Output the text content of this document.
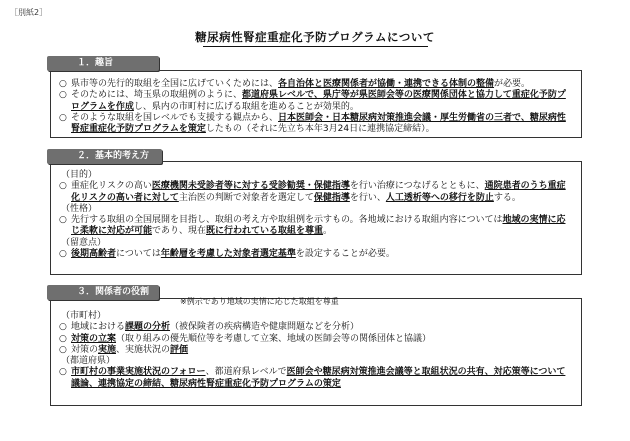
［別紙2］
糖尿病性腎症重症化予防プログラムについて
○ 県市等の先行的取組を全国に広げていくためには、各自治体と医療関係者が協働・連携できる体制の整備が必要。
○ そのためには、埼玉県の取組例のように、都道府県レベルで、県庁等が県医師会等の医療関係団体と協力して重症化予防プログラムを作成し、県内の市町村に広げる取組を進めることが効果的。
○ そのような取組を国レベルでも支援する観点から、日本医師会・日本糖尿病対策推進会議・厚生労働省の三者で、糖尿病性腎症重症化予防プログラムを策定したもの（それに先立ち本年3月24日に連携協定締結）。
１．趣旨
（目的）
○ 重症化リスクの高い医療機関未受診者等に対する受診勧奨・保健指導を行い治療につなげるとともに、通院患者のうち重症化リスクの高い者に対して主治医の判断で対象者を選定して保健指導を行い、人工透析等への移行を防止する。
（性格）
○ 先行する取組の全国展開を目指し、取組の考え方や取組例を示すもの。各地域における取組内容については地域の実情に応じ柔軟に対応が可能であり、現在既に行われている取組を尊重。
（留意点）
○ 後期高齢者については年齢層を考慮した対象者選定基準を設定することが必要。
２．基本的考え方
（市町村）
○ 地域における課題の分析（被保険者の疾病構造や健康問題などを分析）
○ 対策の立案（取り組みの優先順位等を考慮して立案、地域の医師会等の関係団体と協議）
○ 対策の実施、実施状況の評価
（都道府県）
○ 市町村の事業実施状況のフォロー、都道府県レベルで医師会や糖尿病対策推進会議等と取組状況の共有、対応策等について議論、連携協定の締結、糖尿病性腎症重症化予防プログラムの策定
３．関係者の役割
※例示であり地域の実情に応じた取組を尊重
